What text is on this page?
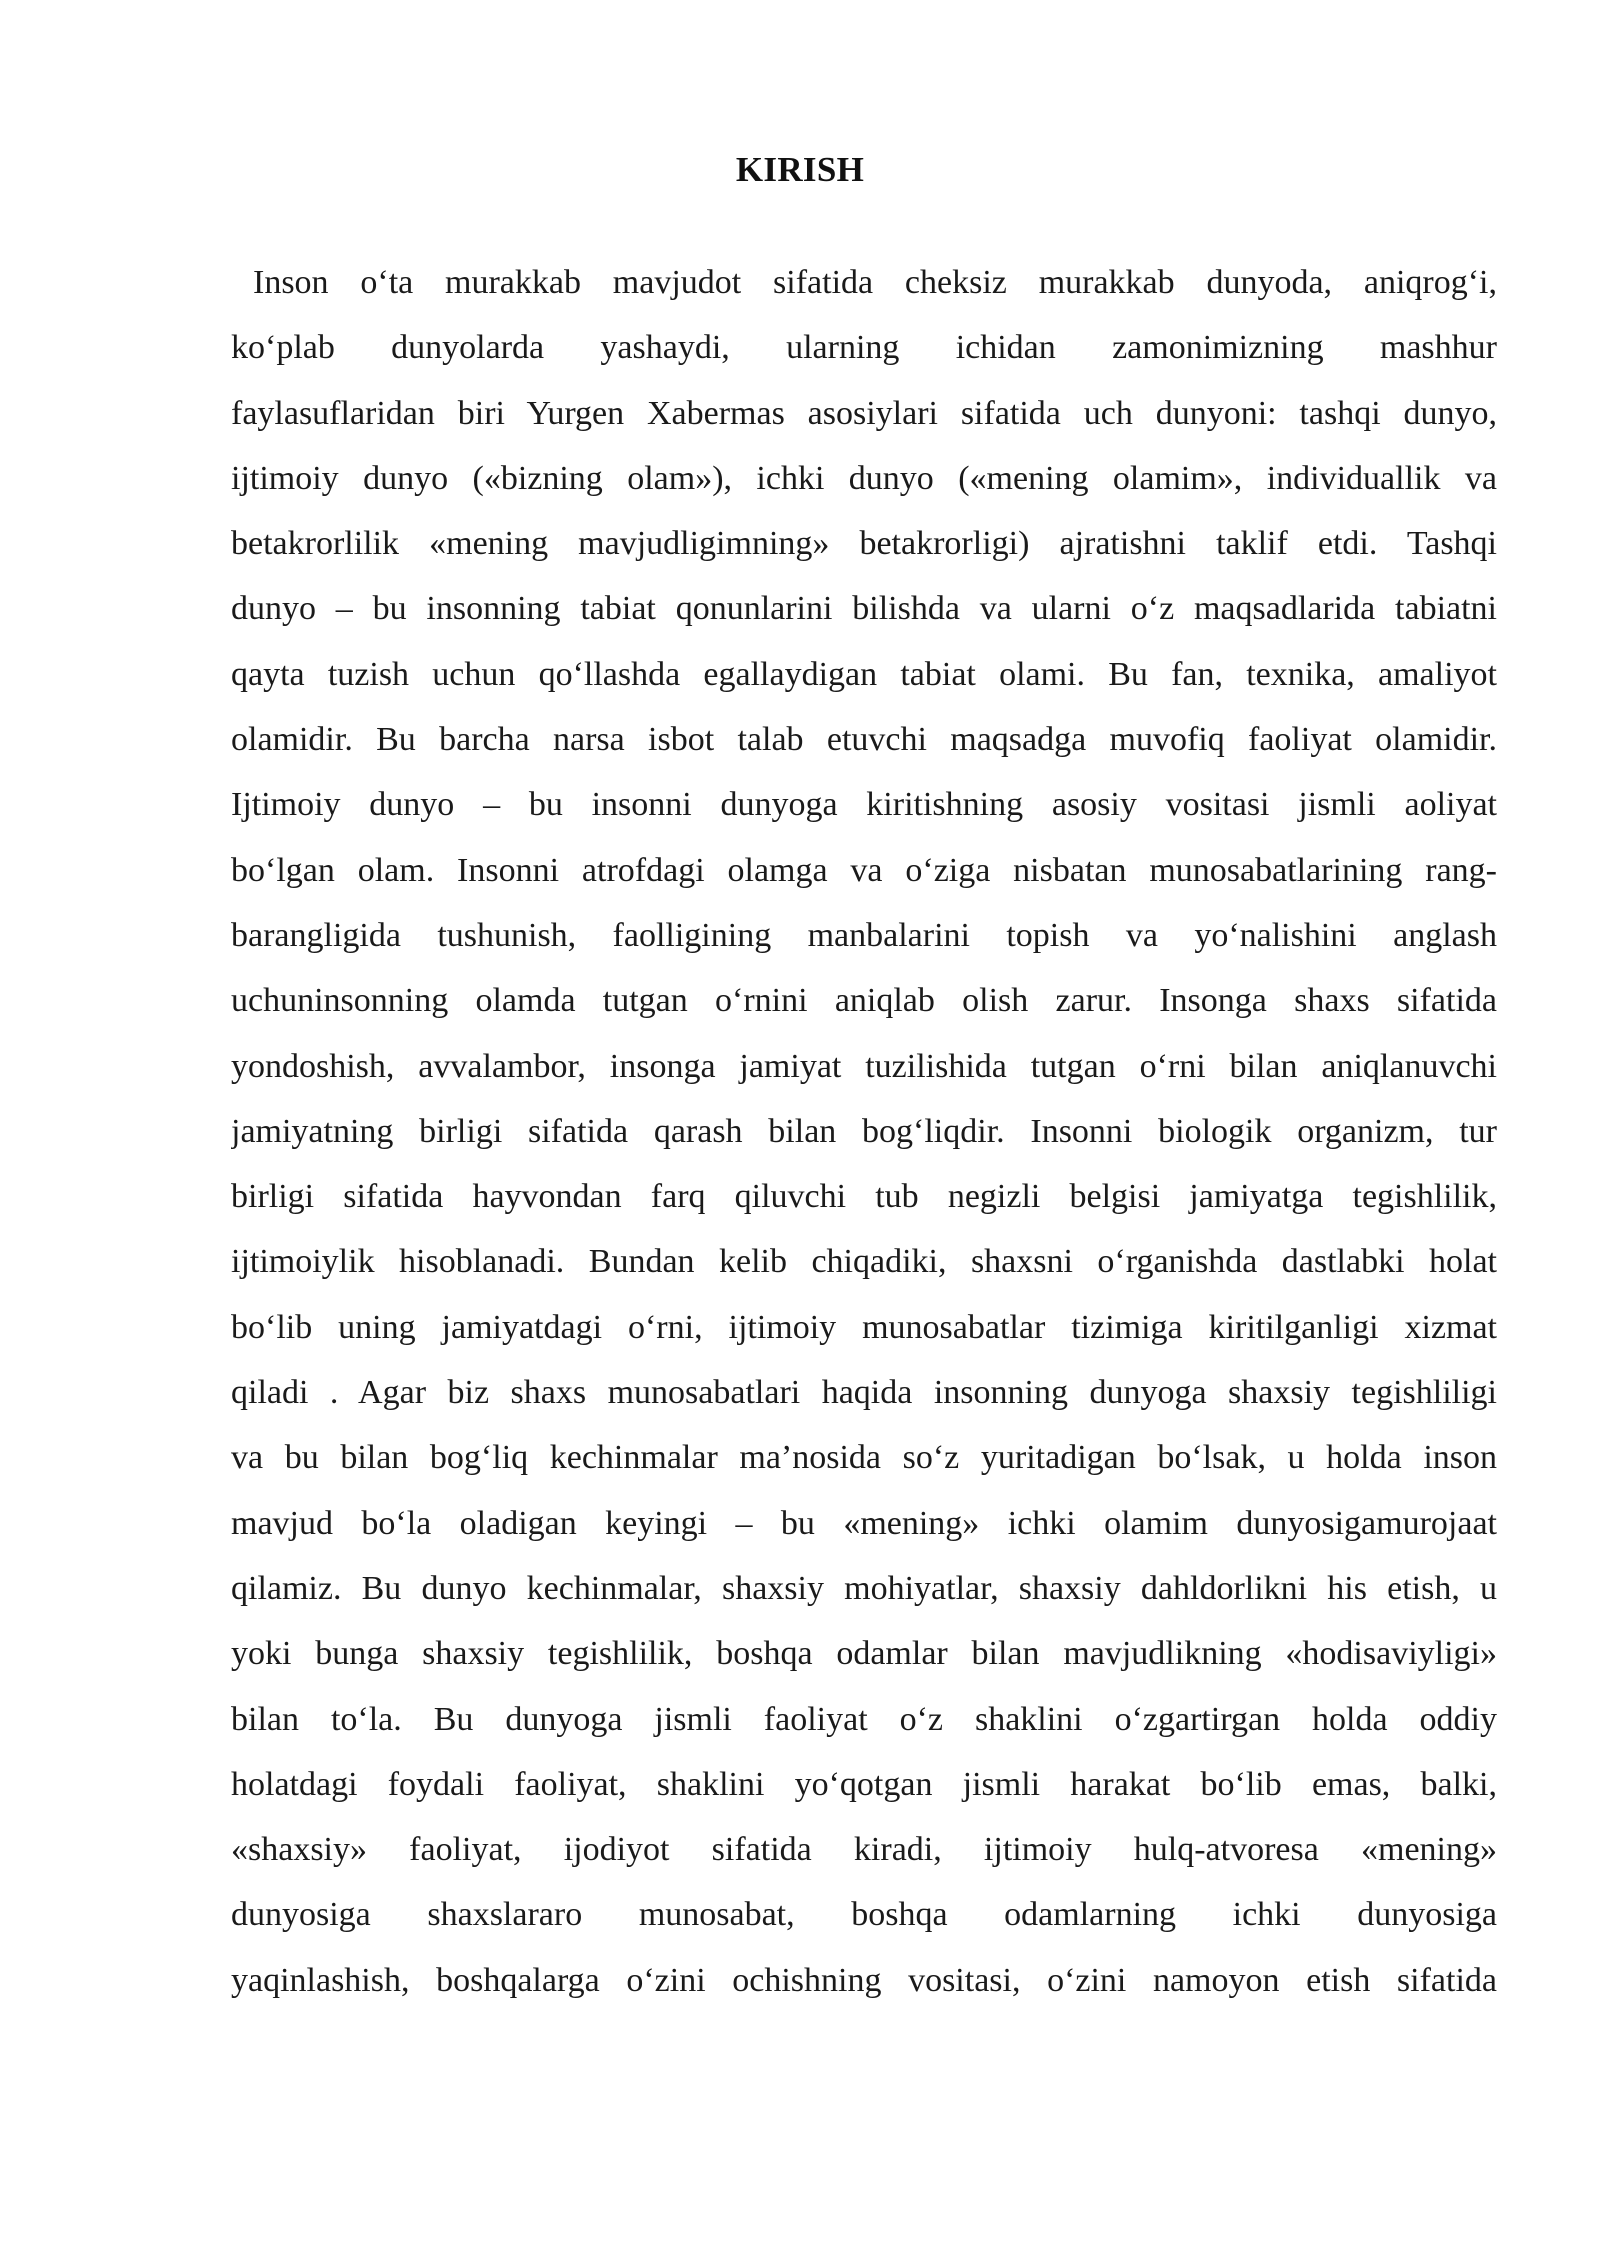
KIRISH
Inson o‘ta murakkab mavjudot sifatida cheksiz murakkab dunyoda, aniqrog‘i,
ko‘plab dunyolarda yashaydi, ularning ichidan zamonimizning mashhur
faylasuflaridan biri Yurgen Xabermas asosiylari sifatida uch dunyoni: tashqi dunyo,
ijtimoiy dunyo («bizning olam»), ichki dunyo («mening olamim», individuallik va
betakrorlilik «mening mavjudligimning» betakrorligi) ajratishni taklif etdi. Tashqi
dunyo – bu insonning tabiat qonunlarini bilishda va ularni o‘z maqsadlarida tabiatni
qayta tuzish uchun qo‘llashda egallaydigan tabiat olami. Bu fan, texnika, amaliyot
olamidir. Bu barcha narsa isbot talab etuvchi maqsadga muvofiq faoliyat olamidir.
Ijtimoiy dunyo – bu insonni dunyoga kiritishning asosiy vositasi jismli aoliyat
bo‘lgan olam. Insonni atrofdagi olamga va o‘ziga nisbatan munosabatlarining rang-
barangligida tushunish, faolligining manbalarini topish va yo‘nalishini anglash
uchuninsonning olamda tutgan o‘rnini aniqlab olish zarur. Insonga shaxs sifatida
yondoshish, avvalambor, insonga jamiyat tuzilishida tutgan o‘rni bilan aniqlanuvchi
jamiyatning birligi sifatida qarash bilan bog‘liqdir. Insonni biologik organizm, tur
birligi sifatida hayvondan farq qiluvchi tub negizli belgisi jamiyatga tegishlilik,
ijtimoiylik hisoblanadi. Bundan kelib chiqadiki, shaxsni o‘rganishda dastlabki holat
bo‘lib uning jamiyatdagi o‘rni, ijtimoiy munosabatlar tizimiga kiritilganligi xizmat
qiladi . Agar biz shaxs munosabatlari haqida insonning dunyoga shaxsiy tegishliligi
va bu bilan bog‘liq kechinmalar ma’nosida so‘z yuritadigan bo‘lsak, u holda inson
mavjud bo‘la oladigan keyingi – bu «mening» ichki olamim dunyosigamurojaat
qilamiz. Bu dunyo kechinmalar, shaxsiy mohiyatlar, shaxsiy dahldorlikni his etish, u
yoki bunga shaxsiy tegishlilik, boshqa odamlar bilan mavjudlikning «hodisaviyligi»
bilan to‘la. Bu dunyoga jismli faoliyat o‘z shaklini o‘zgartirgan holda oddiy
holatdagi foydali faoliyat, shaklini yo‘qotgan jismli harakat bo‘lib emas, balki,
«shaxsiy» faoliyat, ijodiyot sifatida kiradi, ijtimoiy hulq-atvoresa «mening»
dunyosiga shaxslararo munosabat, boshqa odamlarning ichki dunyosiga
yaqinlashish, boshqalarga o‘zini ochishning vositasi, o‘zini namoyon etish sifatida
